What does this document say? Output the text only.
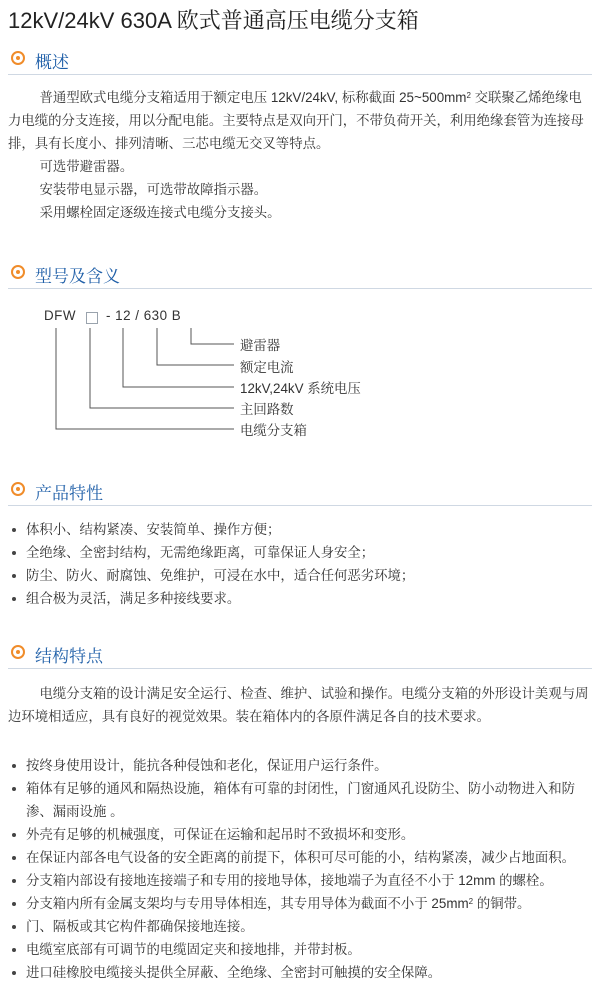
12kV/24kV 630A 欧式普通高压电缆分支箱
概述

普通型欧式电缆分支箱适用于额定电压 12kV/24kV, 标称截面 $25\sim 500mm^2$ 交联聚乙烯绝缘电力电缆的分支连接，用以分配电能。主要特点是双向开门，不带负荷开关，利用绝缘套管为连接母排，具有长度小、排列清晰、三芯电缆无交叉等特点。

可选带避雷器。

安装带电显示器，可选带故障指示器。

采用螺栓固定逐级连接式电缆分支接头。

型号及含义
DFW - 12 / 630 B
避雷器
额定电流
12kV,24kV 系统电压
主回路数
电缆分支箱
产品特性
体积小、结构紧凑、安装简单、操作方便；
全绝缘、全密封结构，无需绝缘距离，可靠保证人身安全；
防尘、防火、耐腐蚀、免维护，可浸在水中，适合任何恶劣环境；
组合极为灵活，满足多种接线要求。
结构特点

电缆分支箱的设计满足安全运行、检查、维护、试验和操作。电缆分支箱的外形设计美观与周边环境相适应，具有良好的视觉效果。装在箱体内的各原件满足各自的技术要求。

按终身使用设计，能抗各种侵蚀和老化，保证用户运行条件。
箱体有足够的通风和隔热设施，箱体有可靠的封闭性，门窗通风孔设防尘、防小动物进入和防渗、漏雨设施 。
外壳有足够的机械强度，可保证在运输和起吊时不致损坏和变形。
在保证内部各电气设备的安全距离的前提下，体积可尽可能的小，结构紧凑，减少占地面积。
分支箱内部设有接地连接端子和专用的接地导体，接地端子为直径不小于 12mm 的螺栓。
分支箱内所有金属支架均与专用导体相连，其专用导体为截面不小于 $25mm^2$ 的铜带。
门、隔板或其它构件都确保接地连接。
电缆室底部有可调节的电缆固定夹和接地排，并带封板。
进口硅橡胶电缆接头提供全屏蔽、全绝缘、全密封可触摸的安全保障。
